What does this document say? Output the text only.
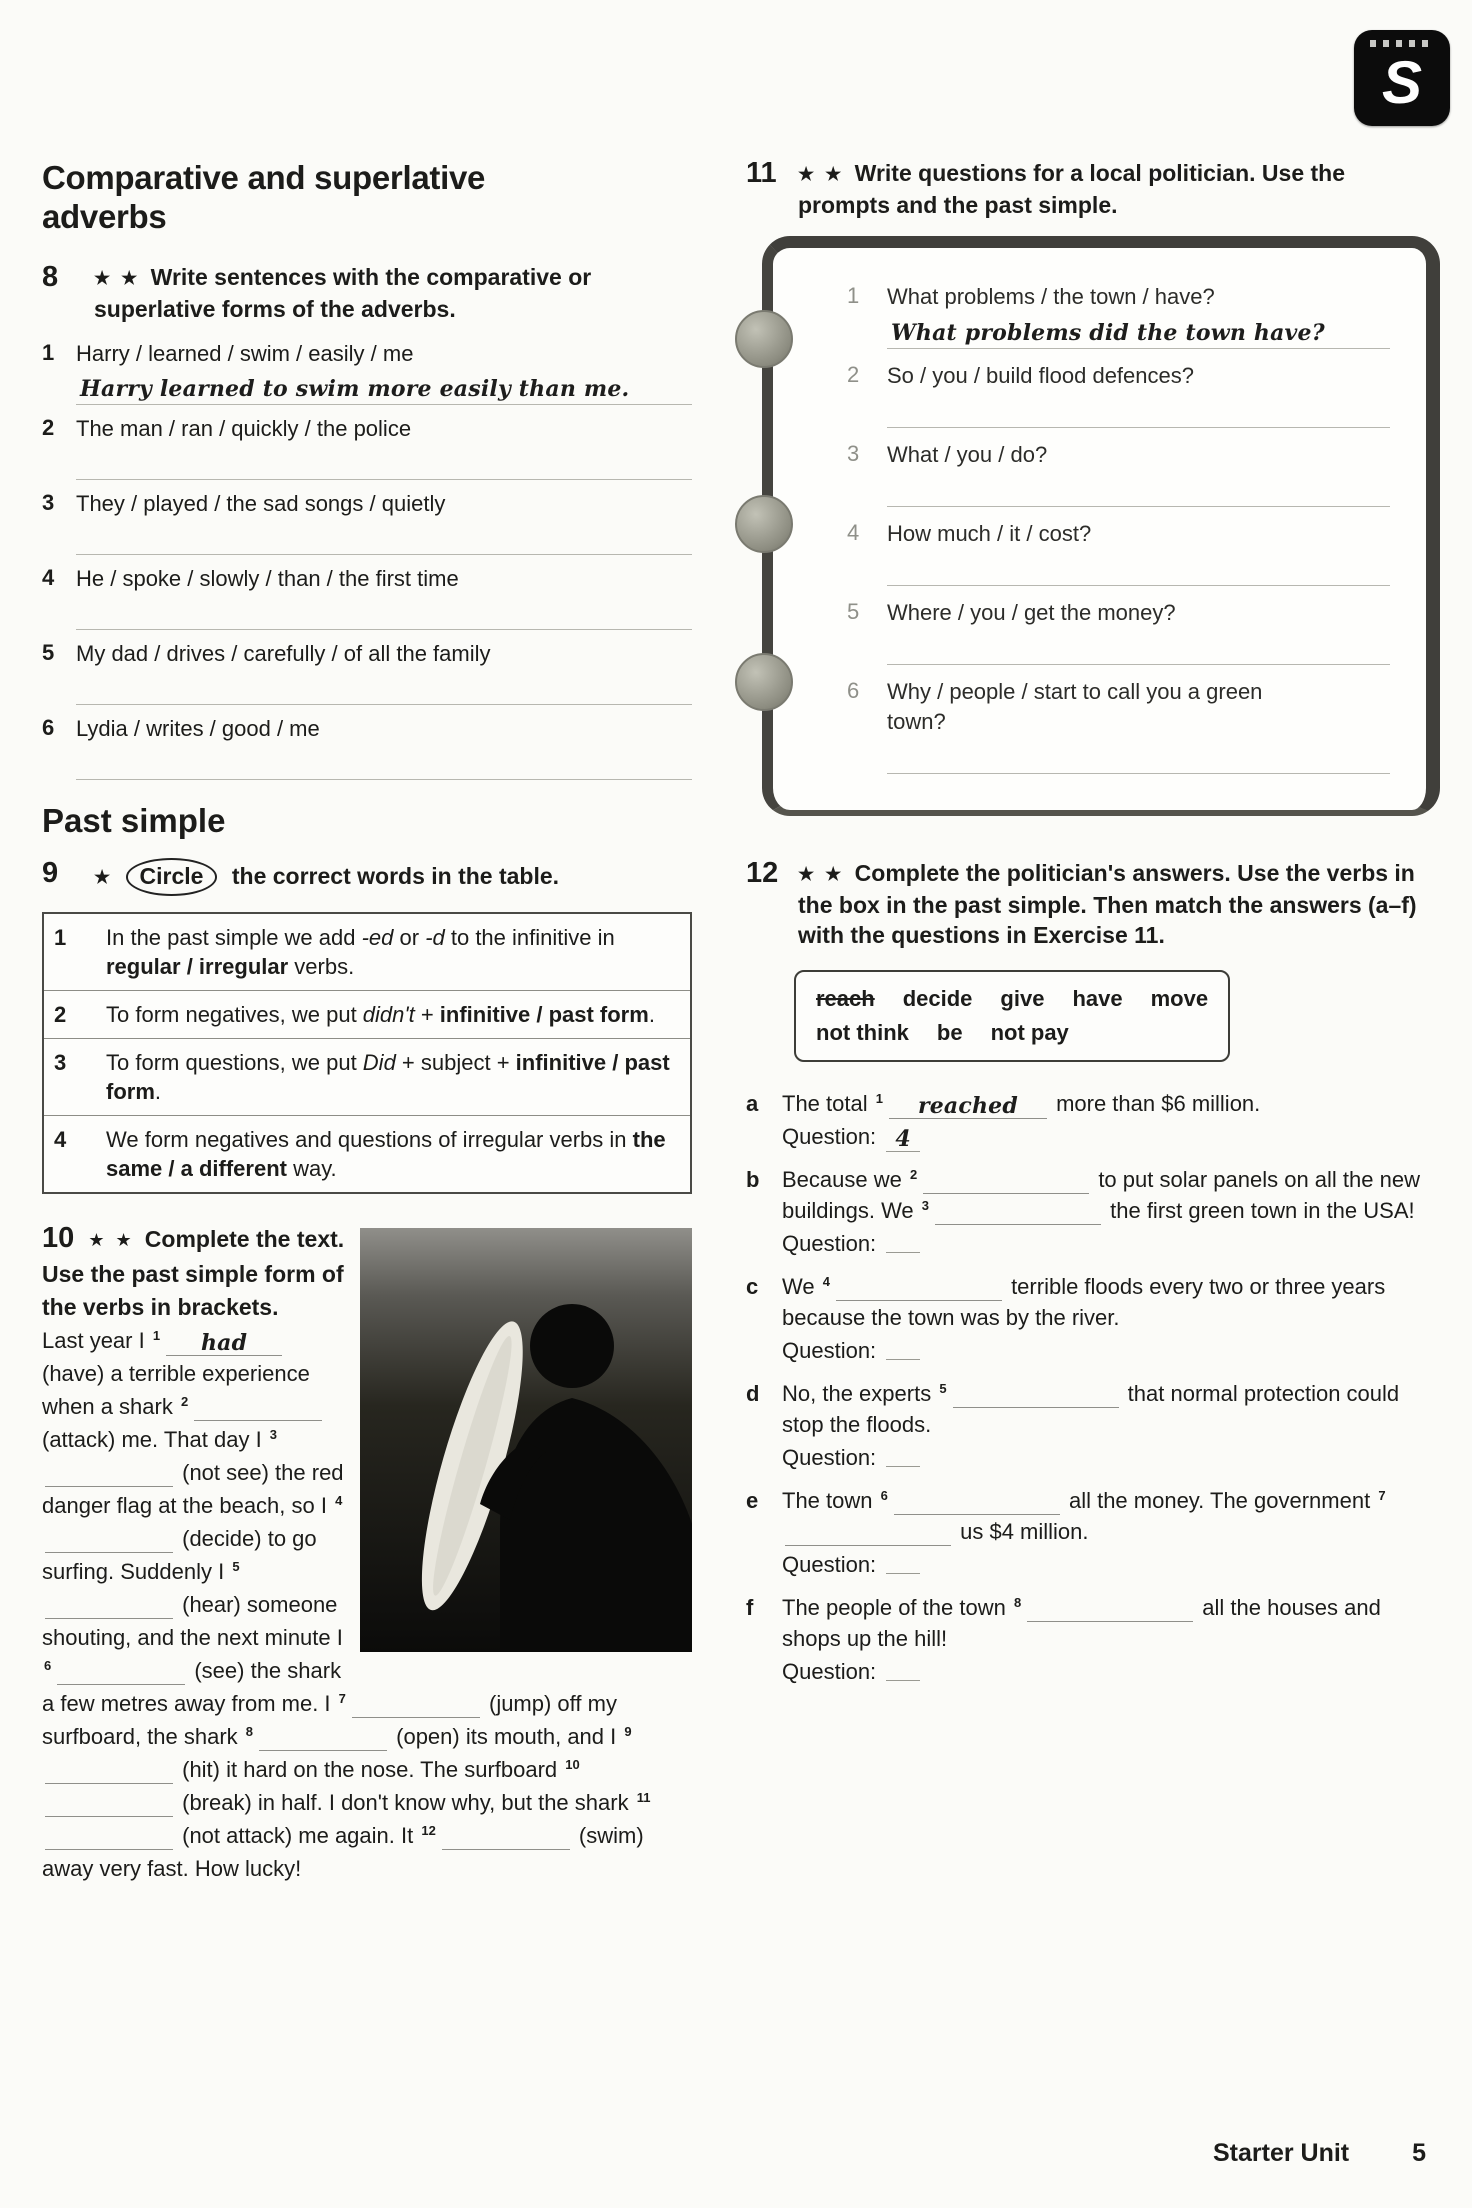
S
Comparative and superlative adverbs
8	★ ★ Write sentences with the comparative or superlative forms of the adverbs.
1 Harry / learned / swim / easily / me
Harry learned to swim more easily than me.
2 The man / ran / quickly / the police
3 They / played / the sad songs / quietly
4 He / spoke / slowly / than / the first time
5 My dad / drives / carefully / of all the family
6 Lydia / writes / good / me
Past simple
9	★ Circle the correct words in the table.
1	In the past simple we add -ed or -d to the infinitive in regular / irregular verbs.
2	To form negatives, we put didn't + infinitive / past form.
3	To form questions, we put Did + subject + infinitive / past form.
4	We form negatives and questions of irregular verbs in the same / a different way.
10 ★ ★ Complete the text. Use the past simple form of the verbs in brackets.
Last year I $^1$ had (have) a terrible experience when a shark $^2$  (attack) me. That day I $^3$  (not see) the red danger flag at the beach, so I $^4$  (decide) to go surfing. Suddenly I $^5$  (hear) someone shouting, and the next minute I $^6$	(see) the shark a few metres away from me. I $^7$	(jump) off my surfboard, the shark $^8$	(open) its mouth, and I $^9$  (hit) it hard on the nose. The surfboard $^{10}$  (break) in half. I don't know why, but the shark $^{11}$  (not attack) me again. It $^{12}$	(swim) away very fast. How lucky!
11	★ ★ Write questions for a local politician. Use the prompts and the past simple.
1 What problems / the town / have?
What problems did the town have?
2 So / you / build flood defences?
3 What / you / do?
4 How much / it / cost?
5 Where / you / get the money?
6 Why / people / start to call you a green town?
12	★ ★ Complete the politician's answers. Use the verbs in the box in the past simple. Then match the answers (a–f) with the questions in Exercise 11.
reach decide give have move
not think be not pay
a The total $^1$ reached more than $6 million.
Question: 4
b Because we $^2$	to put solar panels on all the new buildings. We $^3$	the first green town in the USA!
Question:
c We $^4$	terrible floods every two or three years because the town was by the river.
Question:
d No, the experts $^5$	that normal protection could stop the floods.
Question:
e The town $^6$	all the money. The government $^7$  us $4 million.
Question:
f The people of the town $^8$	all the houses and shops up the hill!
Question:
Starter Unit	5
